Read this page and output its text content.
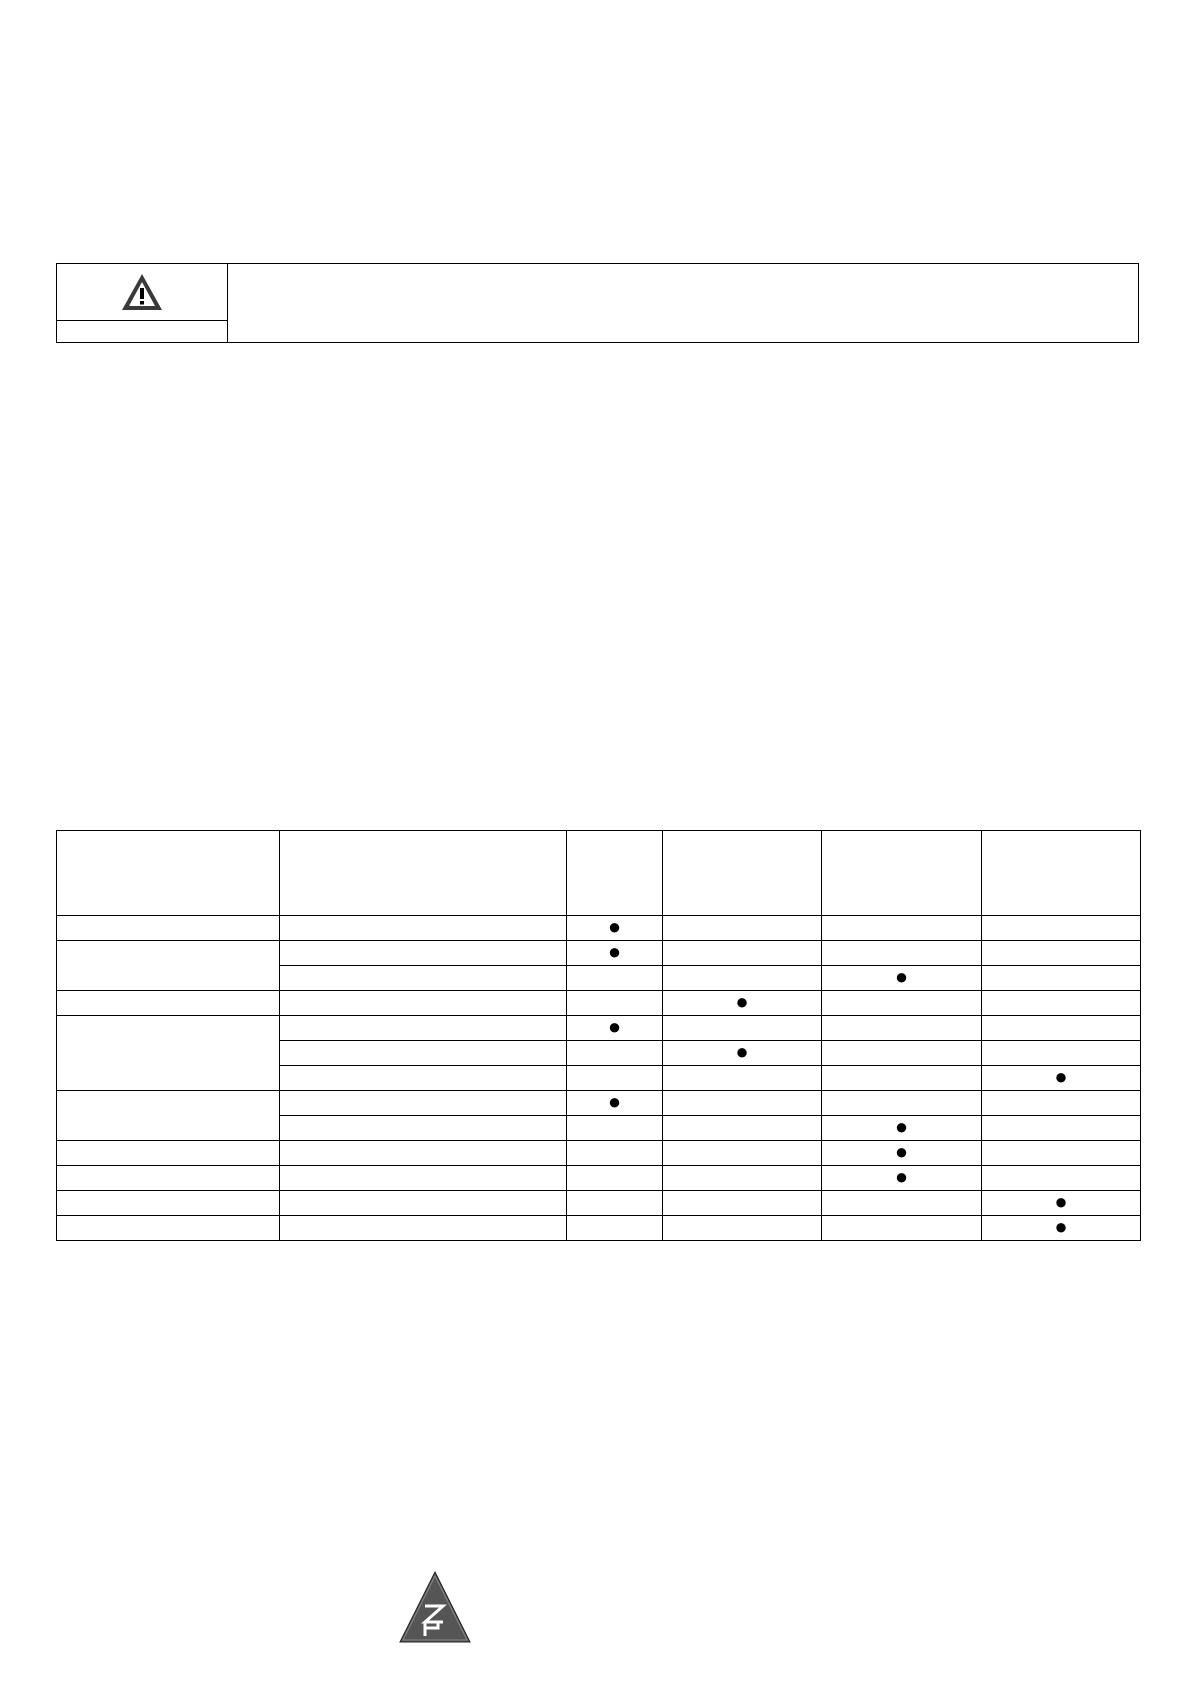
		●			
		●			
				●	
			●		
		●			
			●		
					●
		●			
				●	
				●	
				●	
					●
					●
